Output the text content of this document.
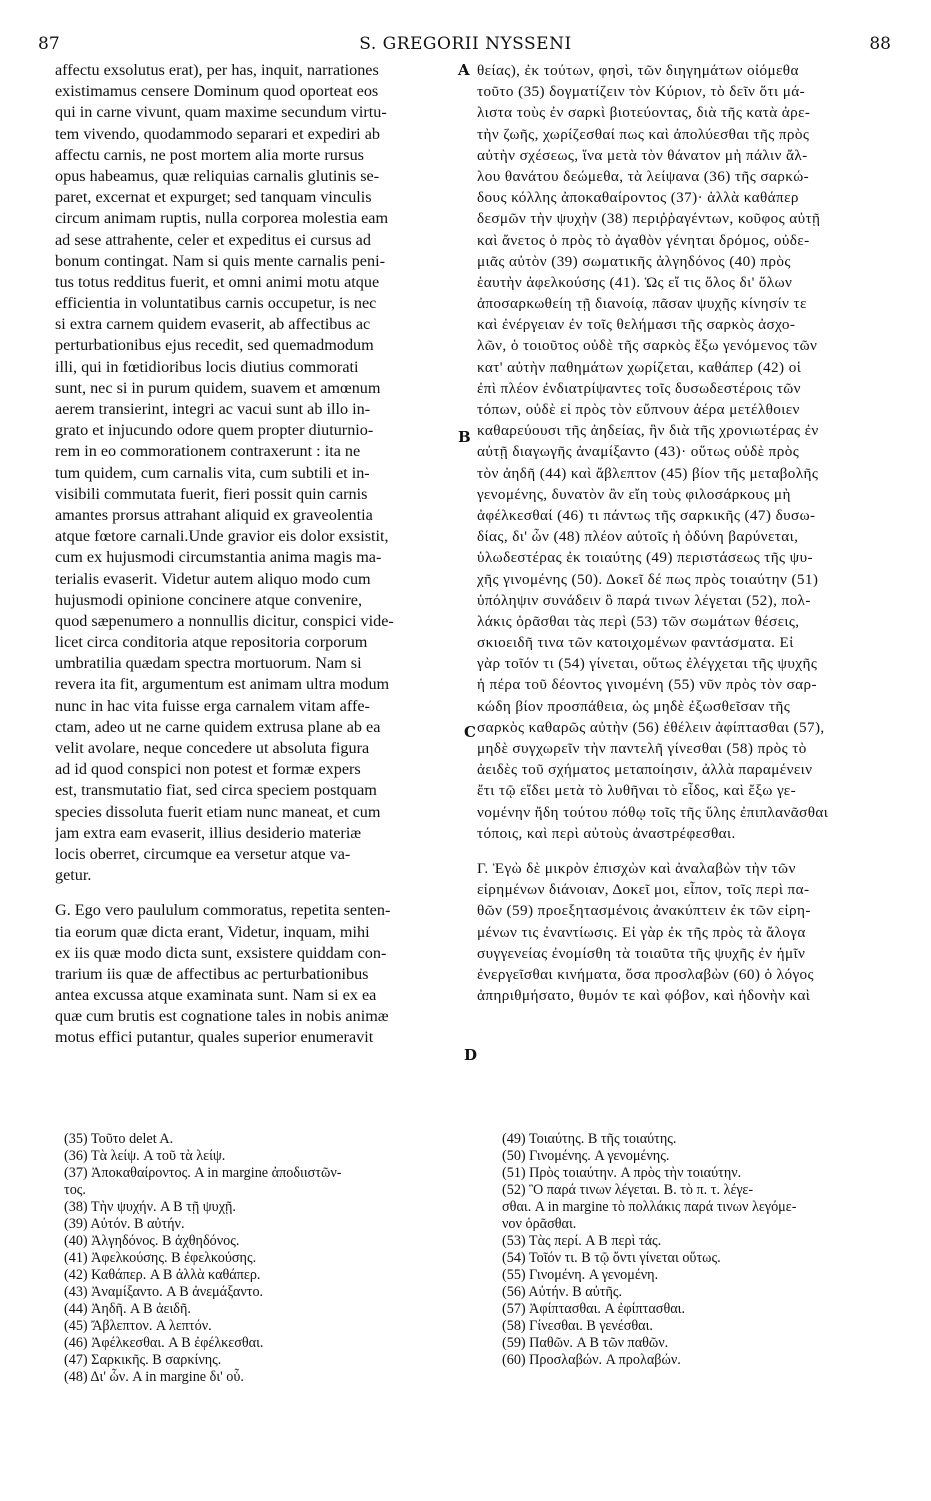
87	S. GREGORII NYSSENI	88
A
B
C
D
affectu exsolutus erat), per has, inquit, narrationes
existimamus censere Dominum quod oporteat eos
qui in carne vivunt, quam maxime secundum virtu-
tem vivendo, quodammodo separari et expediri ab
affectu carnis, ne post mortem alia morte rursus
opus habeamus, quæ reliquias carnalis glutinis se-
paret, excernat et expurget; sed tanquam vinculis
circum animam ruptis, nulla corporea molestia eam
ad sese attrahente, celer et expeditus ei cursus ad
bonum contingat. Nam si quis mente carnalis peni-
tus totus redditus fuerit, et omni animi motu atque
efficientia in voluntatibus carnis occupetur, is nec
si extra carnem quidem evaserit, ab affectibus ac
perturbationibus ejus recedit, sed quemadmodum
illi, qui in fœtidioribus locis diutius commorati
sunt, nec si in purum quidem, suavem et amœnum
aerem transierint, integri ac vacui sunt ab illo in-
grato et injucundo odore quem propter diuturnio-
rem in eo commorationem contraxerunt : ita ne
tum quidem, cum carnalis vita, cum subtili et in-
visibili commutata fuerit, fieri possit quin carnis
amantes prorsus attrahant aliquid ex graveolentia
atque fœtore carnali.Unde gravior eis dolor exsistit,
cum ex hujusmodi circumstantia anima magis ma-
terialis evaserit. Videtur autem aliquo modo cum
hujusmodi opinione concinere atque convenire,
quod sæpenumero a nonnullis dicitur, conspici vide-
licet circa conditoria atque repositoria corporum
umbratilia quædam spectra mortuorum. Nam si
revera ita fit, argumentum est animam ultra modum
nunc in hac vita fuisse erga carnalem vitam affe-
ctam, adeo ut ne carne quidem extrusa plane ab ea
velit avolare, neque concedere ut absoluta figura
ad id quod conspici non potest et formæ expers
est, transmutatio fiat, sed circa speciem postquam
species dissoluta fuerit etiam nunc maneat, et cum
jam extra eam evaserit, illius desiderio materiæ
locis oberret, circumque ea versetur atque va-
getur.
G. Ego vero paululum commoratus, repetita senten-
tia eorum quæ dicta erant, Videtur, inquam, mihi
ex iis quæ modo dicta sunt, exsistere quiddam con-
trarium iis quæ de affectibus ac perturbationibus
antea excussa atque examinata sunt. Nam si ex ea
quæ cum brutis est cognatione tales in nobis animæ
motus effici putantur, quales superior enumeravit
θείας), ἐκ τούτων, φησὶ, τῶν διηγημάτων οἰόμεθα
τοῦτο (35) δογματίζειν τὸν Κύριον, τὸ δεῖν ὅτι μά-
λιστα τοὺς ἐν σαρκὶ βιοτεύοντας, διὰ τῆς κατὰ ἀρε-
τὴν ζωῆς, χωρίζεσθαί πως καὶ ἀπολύεσθαι τῆς πρὸς
αὐτὴν σχέσεως, ἵνα μετὰ τὸν θάνατον μὴ πάλιν ἄλ-
λου θανάτου δεώμεθα, τὰ λείψανα (36) τῆς σαρκώ-
δους κόλλης ἀποκαθαίροντος (37)· ἀλλὰ καθάπερ
δεσμῶν τὴν ψυχὴν (38) περιῤῥαγέντων, κοῦφος αὐτῇ
καὶ ἄνετος ὁ πρὸς τὸ ἀγαθὸν γένηται δρόμος, οὐδε-
μιᾶς αὐτὸν (39) σωματικῆς ἀλγηδόνος (40) πρὸς
ἑαυτὴν ἀφελκούσης (41). Ὡς εἴ τις ὅλος δι' ὅλων
ἀποσαρκωθείη τῇ διανοίᾳ, πᾶσαν ψυχῆς κίνησίν τε
καὶ ἐνέργειαν ἐν τοῖς θελήμασι τῆς σαρκὸς ἀσχο-
λῶν, ὁ τοιοῦτος οὐδὲ τῆς σαρκὸς ἔξω γενόμενος τῶν
κατ' αὐτὴν παθημάτων χωρίζεται, καθάπερ (42) οἱ
ἐπὶ πλέον ἐνδιατρίψαντες τοῖς δυσωδεστέροις τῶν
τόπων, οὐδὲ εἰ πρὸς τὸν εὔπνουν ἀέρα μετέλθοιεν
καθαρεύουσι τῆς ἀηδείας, ἣν διὰ τῆς χρονιωτέρας ἐν
αὐτῇ διαγωγῆς ἀναμίξαντο (43)· οὕτως οὐδὲ πρὸς
τὸν ἀηδῆ (44) καὶ ἄβλεπτον (45) βίον τῆς μεταβολῆς
γενομένης, δυνατὸν ἂν εἴη τοὺς φιλοσάρκους μὴ
ἀφέλκεσθαί (46) τι πάντως τῆς σαρκικῆς (47) δυσω-
δίας, δι' ὧν (48) πλέον αὐτοῖς ἡ ὀδύνη βαρύνεται,
ὑλωδεστέρας ἐκ τοιαύτης (49) περιστάσεως τῆς ψυ-
χῆς γινομένης (50). Δοκεῖ δέ πως πρὸς τοιαύτην (51)
ὑπόληψιν συνάδειν ὃ παρά τινων λέγεται (52), πολ-
λάκις ὁρᾶσθαι τὰς περὶ (53) τῶν σωμάτων θέσεις,
σκιοειδῆ τινα τῶν κατοιχομένων φαντάσματα. Εἰ
γὰρ τοῖόν τι (54) γίνεται, οὕτως ἐλέγχεται τῆς ψυχῆς
ἡ πέρα τοῦ δέοντος γινομένη (55) νῦν πρὸς τὸν σαρ-
κώδη βίον προσπάθεια, ὡς μηδὲ ἐξωσθεῖσαν τῆς
σαρκὸς καθαρῶς αὐτὴν (56) ἐθέλειν ἀφίπτασθαι (57),
μηδὲ συγχωρεῖν τὴν παντελῆ γίνεσθαι (58) πρὸς τὸ
ἀειδὲς τοῦ σχήματος μεταποίησιν, ἀλλὰ παραμένειν
ἔτι τῷ εἴδει μετὰ τὸ λυθῆναι τὸ εἶδος, καὶ ἔξω γε-
νομένην ἤδη τούτου πόθῳ τοῖς τῆς ὕλης ἐπιπλανᾶσθαι
τόποις, καὶ περὶ αὐτοὺς ἀναστρέφεσθαι.
Γ. Ἐγὼ δὲ μικρὸν ἐπισχὼν καὶ ἀναλαβὼν τὴν τῶν
εἰρημένων διάνοιαν, Δοκεῖ μοι, εἶπον, τοῖς περὶ πα-
θῶν (59) προεξητασμένοις ἀνακύπτειν ἐκ τῶν εἰρη-
μένων τις ἐναντίωσις. Εἰ γὰρ ἐκ τῆς πρὸς τὰ ἄλογα
συγγενείας ἐνομίσθη τὰ τοιαῦτα τῆς ψυχῆς ἐν ἡμῖν
ἐνεργεῖσθαι κινήματα, ὅσα προσλαβὼν (60) ὁ λόγος
ἀπηριθμήσατο, θυμόν τε καὶ φόβον, καὶ ἡδονὴν καὶ
(35) Τοῦτο delet A.
(36) Τὰ λείψ. A τοῦ τὰ λείψ.
(37) Ἀποκαθαίροντος. A in margine ἀποδιιστῶν-
τος.
(38) Τὴν ψυχήν. A B τῇ ψυχῇ.
(39) Αὐτόν. B αὐτήν.
(40) Ἀλγηδόνος. B ἀχθηδόνος.
(41) Ἀφελκούσης. B ἐφελκούσης.
(42) Καθάπερ. A B ἀλλὰ καθάπερ.
(43) Ἀναμίξαντο. A B ἀνεμάξαντο.
(44) Ἀηδῆ. A B ἀειδῆ.
(45) Ἄβλεπτον. A λεπτόν.
(46) Ἀφέλκεσθαι. A B ἐφέλκεσθαι.
(47) Σαρκικῆς. B σαρκίνης.
(48) Δι' ὧν. A in margine δι' οὗ.
(49) Τοιαύτης. B τῆς τοιαύτης.
(50) Γινομένης. A γενομένης.
(51) Πρὸς τοιαύτην. A πρὸς τὴν τοιαύτην.
(52) Ὃ παρά τινων λέγεται. B. τὸ π. τ. λέγε-
σθαι. A in margine τὸ πολλάκις παρά τινων λεγόμε-
νον ὁρᾶσθαι.
(53) Τὰς περί. A B περὶ τάς.
(54) Τοῖόν τι. B τῷ ὄντι γίνεται οὕτως.
(55) Γινομένη. A γενομένη.
(56) Αὐτήν. B αὐτῆς.
(57) Ἀφίπτασθαι. A ἐφίπτασθαι.
(58) Γίνεσθαι. B γενέσθαι.
(59) Παθῶν. A B τῶν παθῶν.
(60) Προσλαβών. A προλαβών.
